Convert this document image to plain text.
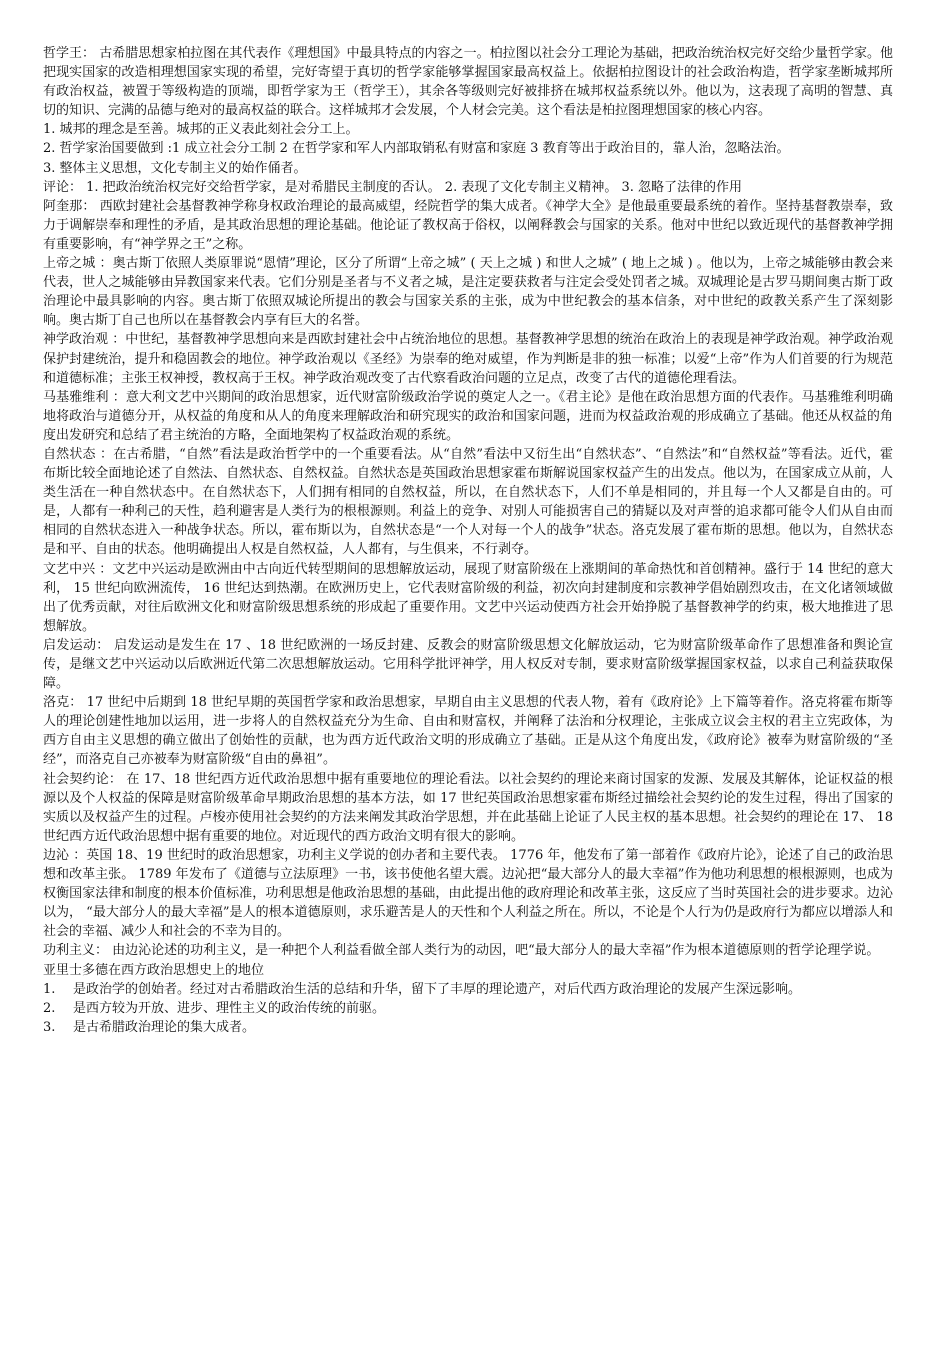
哲学王： 古希腊思想家柏拉图在其代表作《理想国》中最具特点的内容之一。柏拉图以社会分工理论为基础，把政治统治权完好交给少量哲学家。他把现实国家的改造相理想国家实现的希望，完好寄望于真切的哲学家能够掌握国家最高权益上。依据柏拉图设计的社会政治构造，哲学家垄断城邦所有政治权益，被置于等级构造的顶端，即哲学家为王（哲学王），其余各等级则完好被排挤在城邦权益系统以外。他以为，这表现了高明的智慧、真切的知识、完满的品德与绝对的最高权益的联合。这样城邦才会发展，个人材会完美。这个看法是柏拉图理想国家的核心内容。

1. 城邦的理念是至善。城邦的正义表此刻社会分工上。

2. 哲学家治国要做到 :1 成立社会分工制 2 在哲学家和军人内部取销私有财富和家庭 3 教育等出于政治目的，靠人治，忽略法治。

3. 整体主义思想，文化专制主义的始作俑者。

评论： 1. 把政治统治权完好交给哲学家，是对希腊民主制度的否认。 2. 表现了文化专制主义精神。 3. 忽略了法律的作用

阿奎那： 西欧封建社会基督教神学称身权政治理论的最高威望，经院哲学的集大成者。《神学大全》是他最重要最系统的着作。坚持基督教崇奉，致力于调解崇奉和理性的矛盾，是其政治思想的理论基础。他论证了教权高于俗权，以阐释教会与国家的关系。他对中世纪以致近现代的基督教神学拥有重要影响，有“神学界之王”之称。

上帝之城 ：奥古斯丁依照人类原罪说“恩情”理论，区分了所谓“上帝之城” ( 天上之城 ) 和世人之城” ( 地上之城 ) 。他以为，上帝之城能够由教会来代表，世人之城能够由异教国家来代表。它们分别是圣者与不义者之城，是注定要获救者与注定会受处罚者之城。双城理论是古罗马期间奥古斯丁政治理论中最具影响的内容。奥古斯丁依照双城论所提出的教会与国家关系的主张，成为中世纪教会的基本信条，对中世纪的政教关系产生了深刻影响。奥古斯丁自己也所以在基督教会内享有巨大的名誉。

神学政治观 ：中世纪，基督教神学思想向来是西欧封建社会中占统治地位的思想。基督教神学思想的统治在政治上的表现是神学政治观。神学政治观保护封建统治，提升和稳固教会的地位。神学政治观以《圣经》为崇奉的绝对威望，作为判断是非的独一标准；以爱“上帝”作为人们首要的行为规范和道德标准；主张王权神授，教权高于王权。神学政治观改变了古代察看政治问题的立足点，改变了古代的道德伦理看法。

马基雅维利 ：意大利文艺中兴期间的政治思想家，近代财富阶级政治学说的奠定人之一。《君主论》是他在政治思想方面的代表作。马基雅维利明确地将政治与道德分开，从权益的角度和从人的角度来理解政治和研究现实的政治和国家问题，进而为权益政治观的形成确立了基础。他还从权益的角度出发研究和总结了君主统治的方略，全面地架构了权益政治观的系统。

自然状态 ：在古希腊，“自然”看法是政治哲学中的一个重要看法。从“自然”看法中又衍生出“自然状态”、“自然法”和“自然权益”等看法。近代，霍布斯比较全面地论述了自然法、自然状态、自然权益。自然状态是英国政治思想家霍布斯解说国家权益产生的出发点。他以为，在国家成立从前，人类生活在一种自然状态中。在自然状态下，人们拥有相同的自然权益，所以，在自然状态下，人们不单是相同的，并且每一个人又都是自由的。可是，人都有一种利己的天性，趋利避害是人类行为的根根源则。利益上的竞争、对别人可能损害自己的猜疑以及对声誉的追求都可能令人们从自由而相同的自然状态进入一种战争状态。所以，霍布斯以为，自然状态是“一个人对每一个人的战争”状态。洛克发展了霍布斯的思想。他以为，自然状态是和平、自由的状态。他明确提出人权是自然权益，人人都有，与生俱来，不行剥夺。

文艺中兴 ：文艺中兴运动是欧洲由中古向近代转型期间的思想解放运动，展现了财富阶级在上涨期间的革命热忱和首创精神。盛行于 14 世纪的意大利， 15 世纪向欧洲流传， 16 世纪达到热潮。在欧洲历史上，它代表财富阶级的利益，初次向封建制度和宗教神学倡始剧烈攻击，在文化诸领域做出了优秀贡献，对往后欧洲文化和财富阶级思想系统的形成起了重要作用。文艺中兴运动使西方社会开始挣脱了基督教神学的约束，极大地推进了思想解放。

启发运动： 启发运动是发生在 17 、18 世纪欧洲的一场反封建、反教会的财富阶级思想文化解放运动，它为财富阶级革命作了思想准备和舆论宣传，是继文艺中兴运动以后欧洲近代第二次思想解放运动。它用科学批评神学，用人权反对专制，要求财富阶级掌握国家权益，以求自己利益获取保障。

洛克： 17 世纪中后期到 18 世纪早期的英国哲学家和政治思想家，早期自由主义思想的代表人物，着有《政府论》上下篇等着作。洛克将霍布斯等人的理论创建性地加以运用，进一步将人的自然权益充分为生命、自由和财富权，并阐释了法治和分权理论，主张成立议会主权的君主立宪政体，为西方自由主义思想的确立做出了创始性的贡献，也为西方近代政治文明的形成确立了基础。正是从这个角度出发，《政府论》被奉为财富阶级的“圣经”，而洛克自己亦被奉为财富阶级“自由的鼻祖”。

社会契约论： 在 17、18 世纪西方近代政治思想中据有重要地位的理论看法。以社会契约的理论来商讨国家的发源、发展及其解体，论证权益的根源以及个人权益的保障是财富阶级革命早期政治思想的基本方法，如 17 世纪英国政治思想家霍布斯经过描绘社会契约论的发生过程，得出了国家的实质以及权益产生的过程。卢梭亦使用社会契约的方法来阐发其政治学思想，并在此基础上论证了人民主权的基本思想。社会契约的理论在 17、 18 世纪西方近代政治思想中据有重要的地位。对近现代的西方政治文明有很大的影响。

边沁 ：英国 18、19 世纪时的政治思想家，功利主义学说的创办者和主要代表。 1776 年，他发布了第一部着作《政府片论》，论述了自己的政治思想和改革主张。 1789 年发布了《道德与立法原理》一书，该书使他名望大震。边沁把“最大部分人的最大幸福”作为他功利思想的根根源则，也成为权衡国家法律和制度的根本价值标准，功利思想是他政治思想的基础，由此提出他的政府理论和改革主张，这反应了当时英国社会的进步要求。边沁以为， “最大部分人的最大幸福”是人的根本道德原则，求乐避苦是人的天性和个人利益之所在。所以，不论是个人行为仍是政府行为都应以增添人和社会的幸福、减少人和社会的不幸为目的。

功利主义： 由边沁论述的功利主义，是一种把个人利益看做全部人类行为的动因，吧“最大部分人的最大幸福”作为根本道德原则的哲学论理学说。

亚里士多德在西方政治思想史上的地位

1.	是政治学的创始者。经过对古希腊政治生活的总结和升华，留下了丰厚的理论遗产，对后代西方政治理论的发展产生深远影响。
2.	是西方较为开放、进步、理性主义的政治传统的前驱。
3.	是古希腊政治理论的集大成者。
